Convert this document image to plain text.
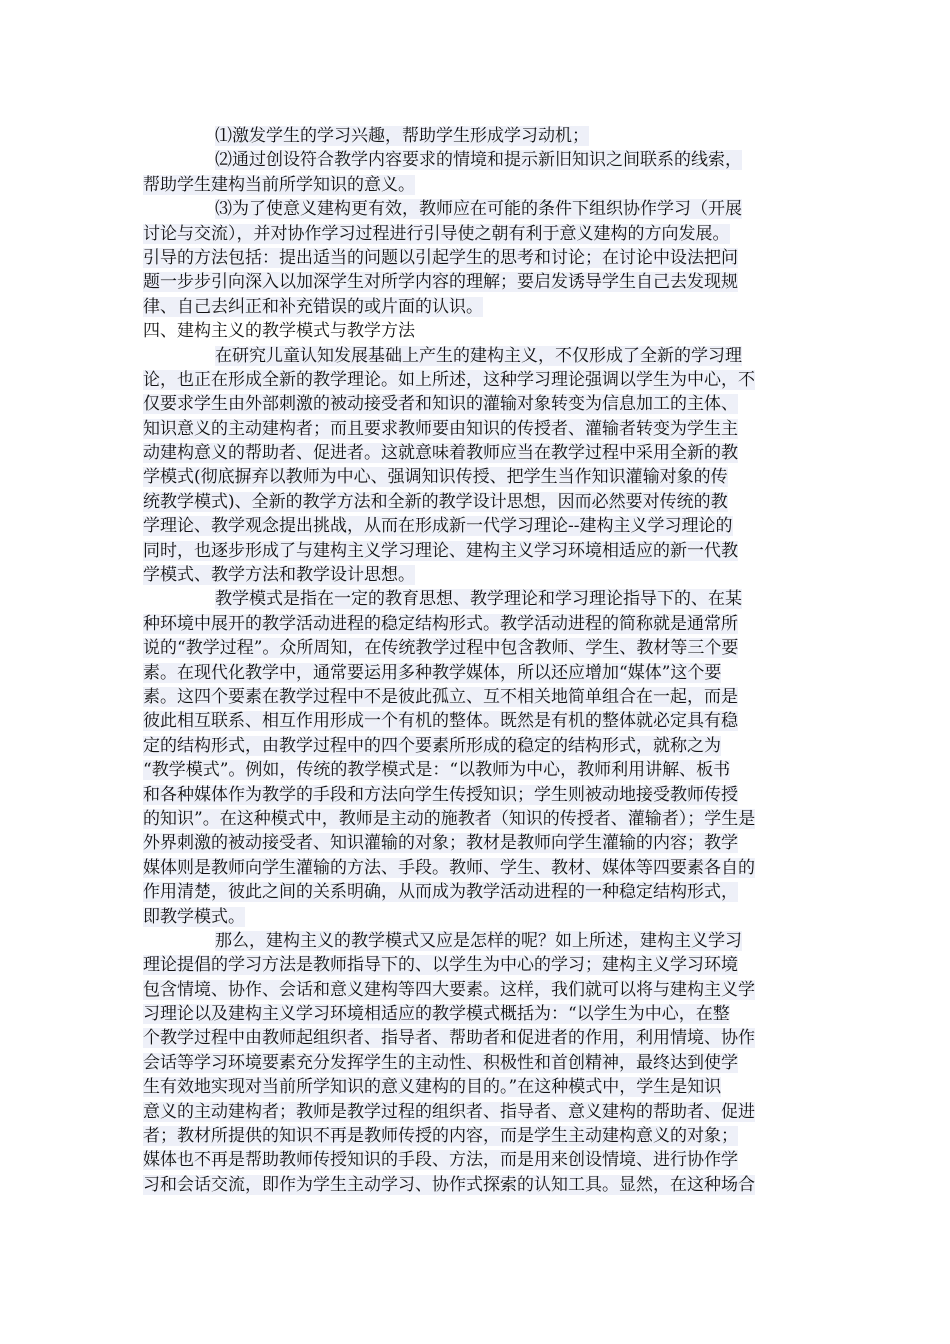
⑴激发学生的学习兴趣，帮助学生形成学习动机；
⑵通过创设符合教学内容要求的情境和提示新旧知识之间联系的线索，
帮助学生建构当前所学知识的意义。
⑶为了使意义建构更有效，教师应在可能的条件下组织协作学习（开展
讨论与交流），并对协作学习过程进行引导使之朝有利于意义建构的方向发展。
引导的方法包括：提出适当的问题以引起学生的思考和讨论；在讨论中设法把问
题一步步引向深入以加深学生对所学内容的理解；要启发诱导学生自己去发现规
律、自己去纠正和补充错误的或片面的认识。
四、建构主义的教学模式与教学方法
在研究儿童认知发展基础上产生的建构主义，不仅形成了全新的学习理
论，也正在形成全新的教学理论。如上所述，这种学习理论强调以学生为中心，不
仅要求学生由外部刺激的被动接受者和知识的灌输对象转变为信息加工的主体、
知识意义的主动建构者；而且要求教师要由知识的传授者、灌输者转变为学生主
动建构意义的帮助者、促进者。这就意味着教师应当在教学过程中采用全新的教
学模式(彻底摒弃以教师为中心、强调知识传授、把学生当作知识灌输对象的传
统教学模式)、全新的教学方法和全新的教学设计思想，因而必然要对传统的教
学理论、教学观念提出挑战，从而在形成新一代学习理论--建构主义学习理论的
同时，也逐步形成了与建构主义学习理论、建构主义学习环境相适应的新一代教
学模式、教学方法和教学设计思想。
教学模式是指在一定的教育思想、教学理论和学习理论指导下的、在某
种环境中展开的教学活动进程的稳定结构形式。教学活动进程的简称就是通常所
说的“教学过程”。众所周知，在传统教学过程中包含教师、学生、教材等三个要
素。在现代化教学中，通常要运用多种教学媒体，所以还应增加“媒体”这个要
素。这四个要素在教学过程中不是彼此孤立、互不相关地简单组合在一起，而是
彼此相互联系、相互作用形成一个有机的整体。既然是有机的整体就必定具有稳
定的结构形式，由教学过程中的四个要素所形成的稳定的结构形式，就称之为
“教学模式”。例如，传统的教学模式是：“以教师为中心，教师利用讲解、板书
和各种媒体作为教学的手段和方法向学生传授知识；学生则被动地接受教师传授
的知识”。在这种模式中，教师是主动的施教者（知识的传授者、灌输者）；学生是
外界刺激的被动接受者、知识灌输的对象；教材是教师向学生灌输的内容；教学
媒体则是教师向学生灌输的方法、手段。教师、学生、教材、媒体等四要素各自的
作用清楚，彼此之间的关系明确，从而成为教学活动进程的一种稳定结构形式，
即教学模式。
那么，建构主义的教学模式又应是怎样的呢？如上所述，建构主义学习
理论提倡的学习方法是教师指导下的、以学生为中心的学习；建构主义学习环境
包含情境、协作、会话和意义建构等四大要素。这样，我们就可以将与建构主义学
习理论以及建构主义学习环境相适应的教学模式概括为：“以学生为中心，在整
个教学过程中由教师起组织者、指导者、帮助者和促进者的作用，利用情境、协作
会话等学习环境要素充分发挥学生的主动性、积极性和首创精神，最终达到使学
生有效地实现对当前所学知识的意义建构的目的。”在这种模式中，学生是知识
意义的主动建构者；教师是教学过程的组织者、指导者、意义建构的帮助者、促进
者；教材所提供的知识不再是教师传授的内容，而是学生主动建构意义的对象；
媒体也不再是帮助教师传授知识的手段、方法，而是用来创设情境、进行协作学
习和会话交流，即作为学生主动学习、协作式探索的认知工具。显然，在这种场合
